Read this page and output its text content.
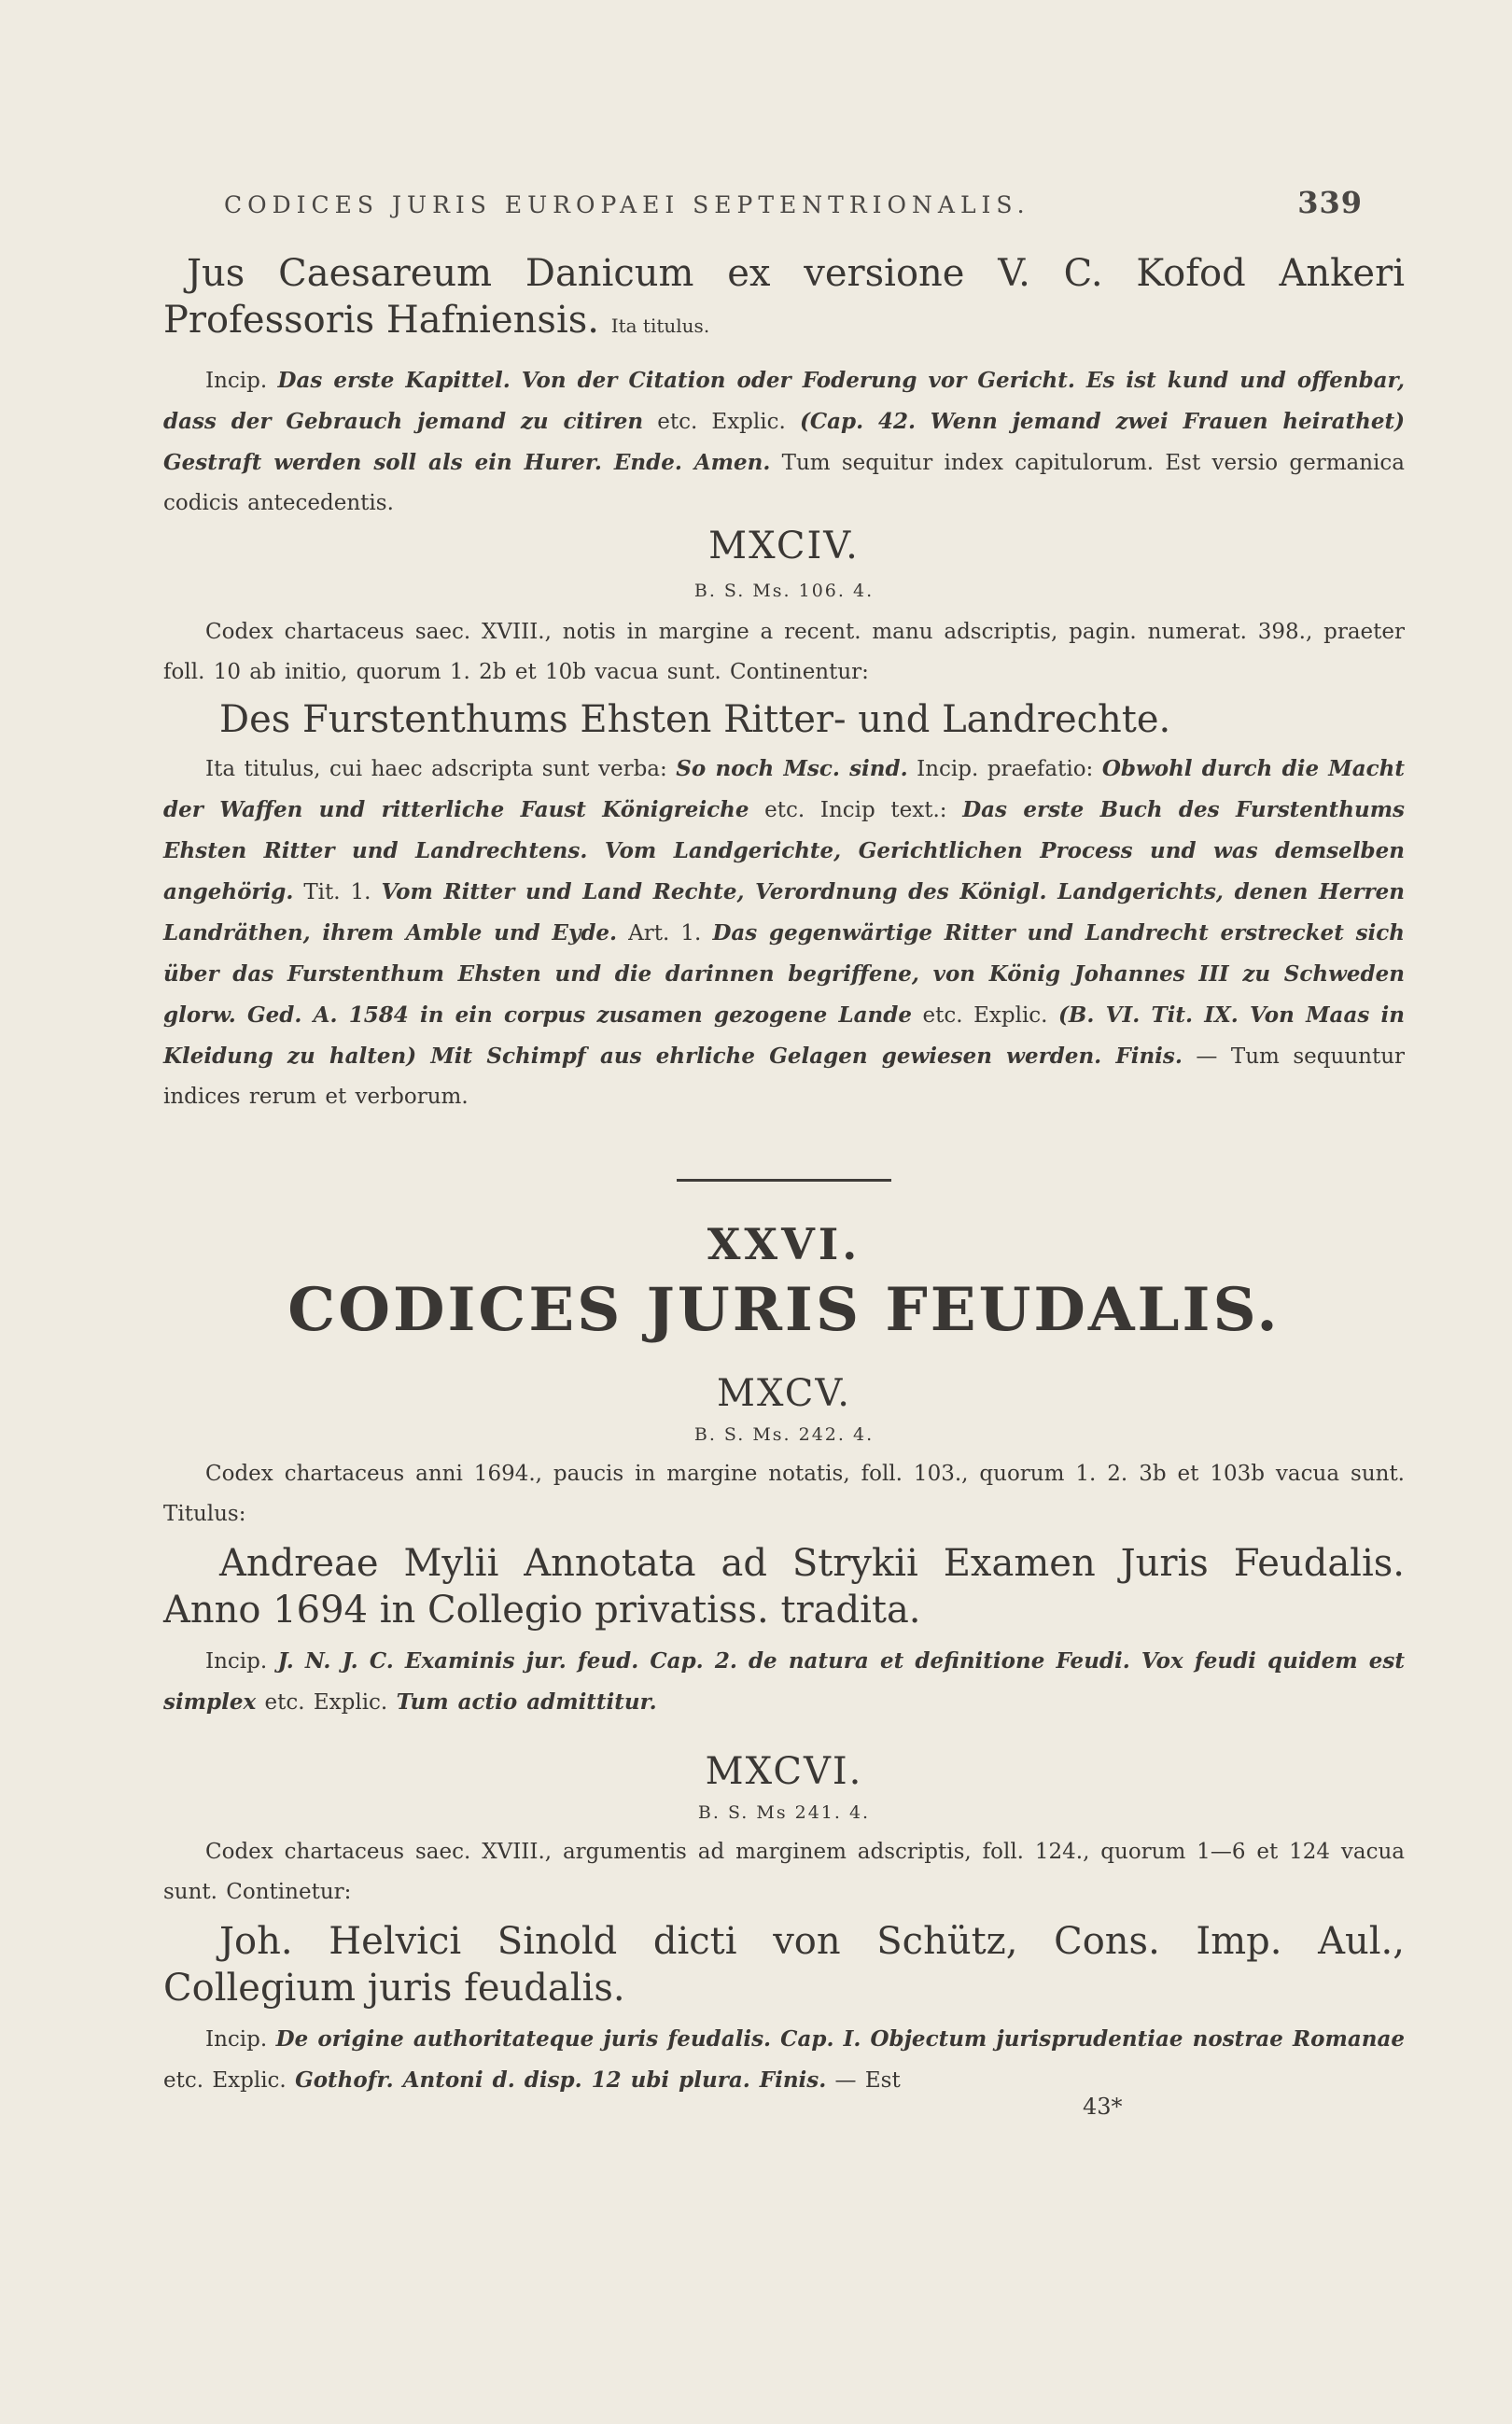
CODICES JURIS EUROPAEI SEPTENTRIONALIS.	339

Jus Caesareum Danicum ex versione V. C. Kofod Ankeri Professoris Hafniensis. Ita titulus.

Incip. Das erste Kapittel. Von der Citation oder Foderung vor Gericht. Es ist kund und offenbar, dass der Gebrauch jemand zu citiren etc. Explic. (Cap. 42. Wenn jemand zwei Frauen heirathet) Gestraft werden soll als ein Hurer. Ende. Amen. Tum sequitur index capitulorum. Est versio germanica codicis antecedentis.

MXCIV.

B. S. Ms. 106. 4.

Codex chartaceus saec. XVIII., notis in margine a recent. manu adscriptis, pagin. numerat. 398., praeter foll. 10 ab initio, quorum 1. 2b et 10b vacua sunt. Continentur:

Des Furstenthums Ehsten Ritter- und Landrechte.

Ita titulus, cui haec adscripta sunt verba: So noch Msc. sind. Incip. praefatio: Obwohl durch die Macht der Waffen und ritterliche Faust Königreiche etc. Incip text.: Das erste Buch des Furstenthums Ehsten Ritter und Landrechtens. Vom Landgerichte, Gerichtlichen Process und was demselben angehörig. Tit. 1. Vom Ritter und Land Rechte, Verordnung des Königl. Landgerichts, denen Herren Landräthen, ihrem Amble und Eyde. Art. 1. Das gegenwärtige Ritter und Landrecht erstrecket sich über das Furstenthum Ehsten und die darinnen begriffene, von König Johannes III zu Schweden glorw. Ged. A. 1584 in ein corpus zusamen gezogene Lande etc. Explic. (B. VI. Tit. IX. Von Maas in Kleidung zu halten) Mit Schimpf aus ehrliche Gelagen gewiesen werden. Finis. — Tum sequuntur indices rerum et verborum.

XXVI.

CODICES JURIS FEUDALIS.

MXCV.

B. S. Ms. 242. 4.

Codex chartaceus anni 1694., paucis in margine notatis, foll. 103., quorum 1. 2. 3b et 103b vacua sunt. Titulus:

Andreae Mylii Annotata ad Strykii Examen Juris Feudalis. Anno 1694 in Collegio privatiss. tradita.

Incip. J. N. J. C. Examinis jur. feud. Cap. 2. de natura et definitione Feudi. Vox feudi quidem est simplex etc. Explic. Tum actio admittitur.

MXCVI.

B. S. Ms 241. 4.

Codex chartaceus saec. XVIII., argumentis ad marginem adscriptis, foll. 124., quorum 1—6 et 124 vacua sunt. Continetur:

Joh. Helvici Sinold dicti von Schütz, Cons. Imp. Aul., Collegium juris feudalis.

Incip. De origine authoritateque juris feudalis. Cap. I. Objectum jurisprudentiae nostrae Romanae etc. Explic. Gothofr. Antoni d. disp. 12 ubi plura. Finis. — Est

43*
